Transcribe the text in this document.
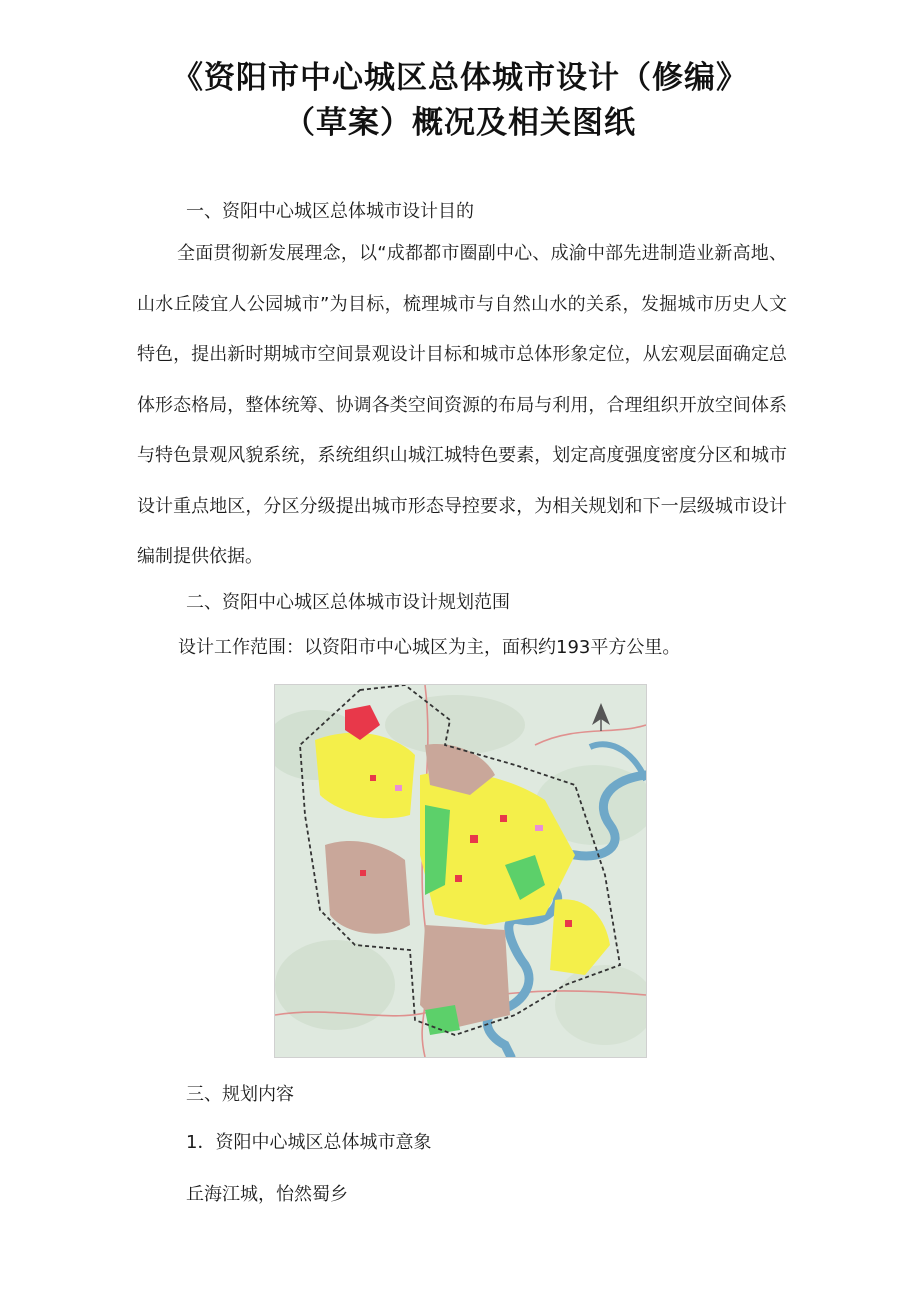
《资阳市中心城区总体城市设计（修编》
（草案）概况及相关图纸
一、资阳中心城区总体城市设计目的

全面贯彻新发展理念，以“成都都市圈副中心、成渝中部先进制造业新高地、山水丘陵宜人公园城市”为目标，梳理城市与自然山水的关系，发掘城市历史人文特色，提出新时期城市空间景观设计目标和城市总体形象定位，从宏观层面确定总体形态格局，整体统筹、协调各类空间资源的布局与利用，合理组织开放空间体系与特色景观风貌系统，系统组织山城江城特色要素，划定高度强度密度分区和城市设计重点地区，分区分级提出城市形态导控要求，为相关规划和下一层级城市设计编制提供依据。

二、资阳中心城区总体城市设计规划范围
设计工作范围：以资阳市中心城区为主，面积约193平方公里。
三、规划内容
1．资阳中心城区总体城市意象
丘海江城，怡然蜀乡
